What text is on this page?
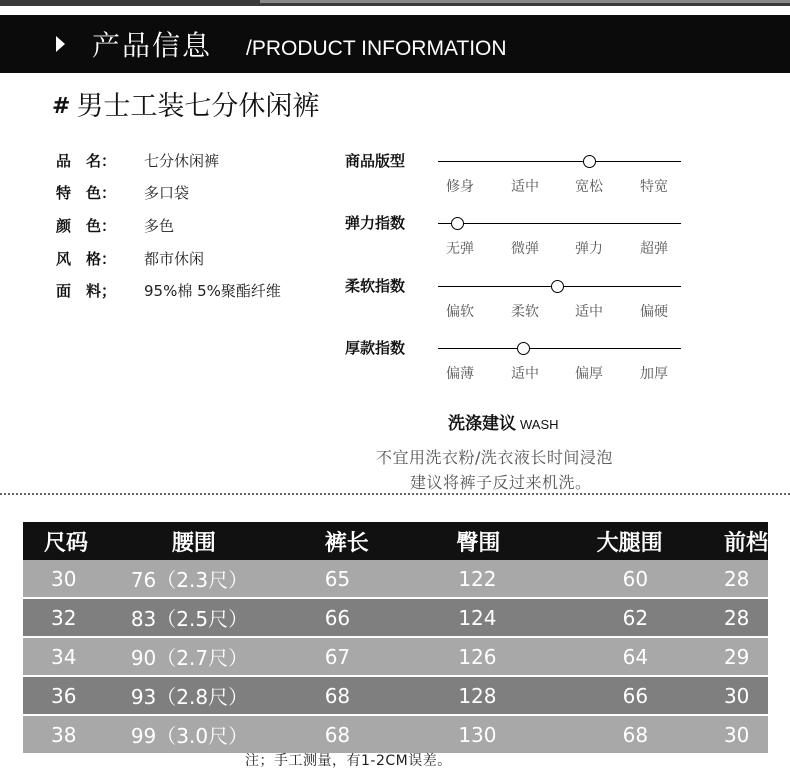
产品信息 /PRODUCT INFORMATION
# 男士工装七分休闲裤
品　名：	七分休闲裤
特　色：	多口袋
颜　色：	多色
风　格：	都市休闲
面　料；	95%棉 5%聚酯纤维
商品版型
修身	适中	宽松	特宽
弹力指数
无弹	微弹	弹力	超弹
柔软指数
偏软	柔软	适中	偏硬
厚款指数
偏薄	适中	偏厚	加厚
洗涤建议 WASH
不宜用洗衣粉/洗衣液长时间浸泡
建议将裤子反过来机洗。
尺码	腰围	裤长	臀围	大腿围	前档
30	76（2.3尺）	65	122	60	28

32	83（2.5尺）	66	124	62	28

34	90（2.7尺）	67	126	64	29

36	93（2.8尺）	68	128	66	30

38	99（3.0尺）	68	130	68	30
注；手工测量，有1-2CM误差。
